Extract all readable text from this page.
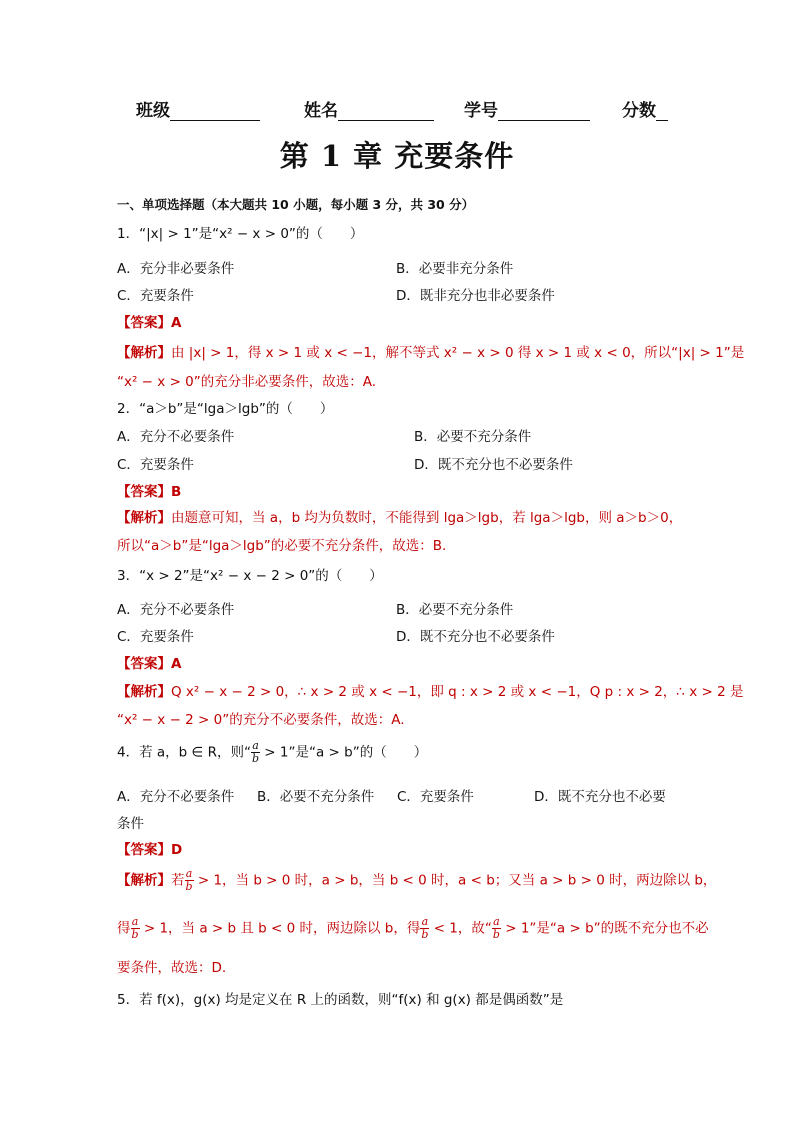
班级	姓名	学号	分数
第 1 章 充要条件
一、单项选择题（本大题共 10 小题，每小题 3 分，共 30 分）
1．“|x| > 1”是“x² − x > 0”的（　　）
A．充分非必要条件	B．必要非充分条件
C．充要条件	D．既非充分也非必要条件
【答案】A
【解析】由 |x| > 1，得 x > 1 或 x < −1，解不等式 x² − x > 0 得 x > 1 或 x < 0，所以“|x| > 1”是
“x² − x > 0”的充分非必要条件，故选：A.
2．“a＞b”是“lga＞lgb”的（　　）
A．充分不必要条件	B．必要不充分条件
C．充要条件	D．既不充分也不必要条件
【答案】B
【解析】由题意可知，当 a，b 均为负数时，不能得到 lga＞lgb，若 lga＞lgb，则 a＞b＞0，
所以“a＞b”是“lga＞lgb”的必要不充分条件，故选：B.
3．“x > 2”是“x² − x − 2 > 0”的（　　）
A．充分不必要条件	B．必要不充分条件
C．充要条件	D．既不充分也不必要条件
【答案】A
【解析】Q x² − x − 2 > 0，∴ x > 2 或 x < −1，即 q : x > 2 或 x < −1，Q p : x > 2，∴ x > 2 是
“x² − x − 2 > 0”的充分不必要条件，故选：A.
4．若 a，b ∈ R，则“ $\frac{a}{b} > 1$”是“a > b”的（　　）
A．充分不必要条件 B．必要不充分条件 C．充要条件	D．既不充分也不必要
条件
【答案】D
【解析】若 $\frac{a}{b} > 1$，当 b > 0 时，a > b，当 b < 0 时，a < b；又当 a > b > 0 时，两边除以 b，
得 $\frac{a}{b} > 1$，当 a > b 且 b < 0 时，两边除以 b，得 $\frac{a}{b} < 1$，故“ $\frac{a}{b} > 1$”是“a > b”的既不充分也不必
要条件，故选：D.
5．若 f(x)，g(x) 均是定义在 R 上的函数，则“f(x) 和 g(x) 都是偶函数”是
